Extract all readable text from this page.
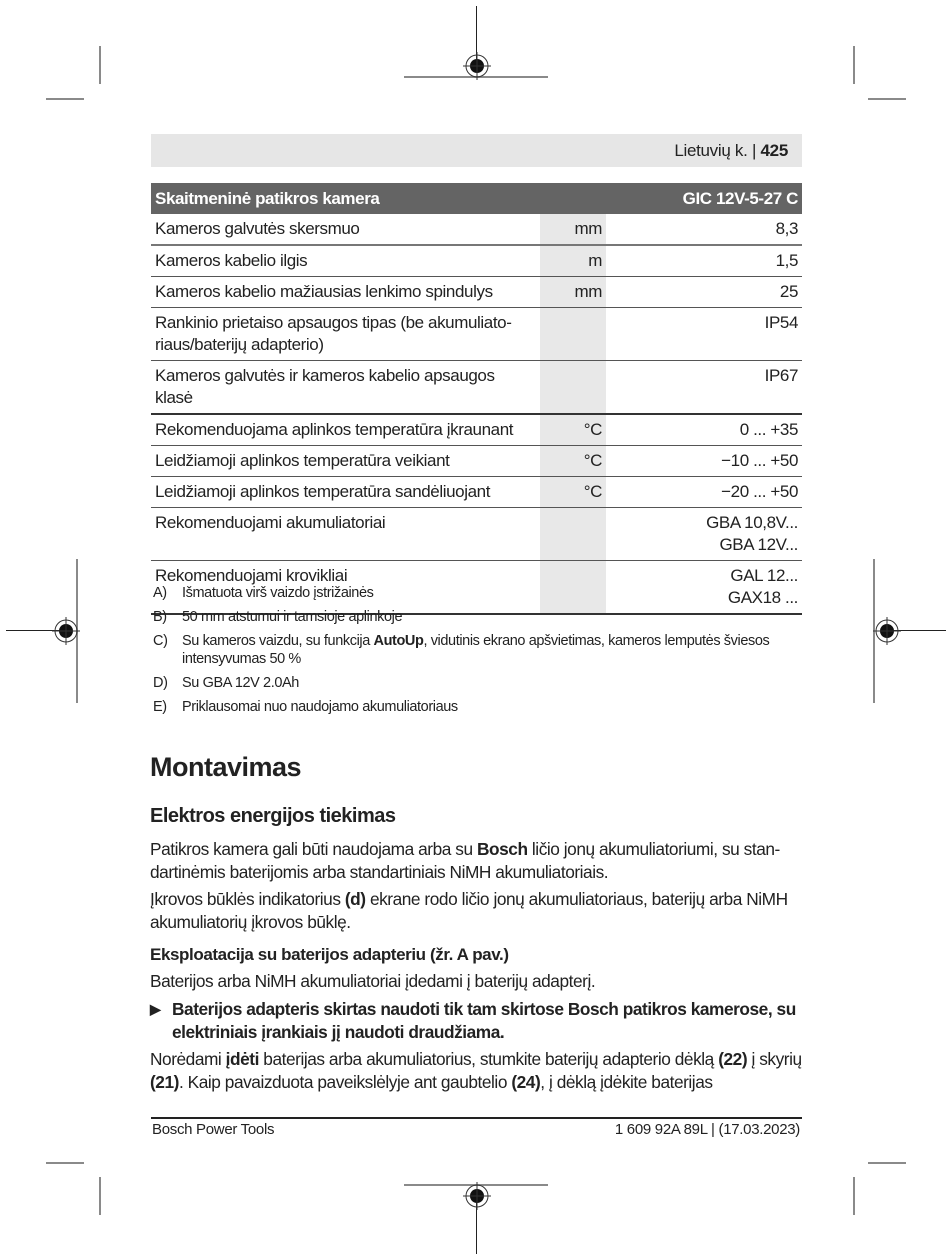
Lietuvių k. | 425
Skaitmeninė patikros kamera		GIC 12V-5-27 C
Kameros galvutės skersmuo	mm	8,3
Kameros kabelio ilgis	m	1,5
Kameros kabelio mažiausias lenkimo spindulys	mm	25
Rankinio prietaiso apsaugos tipas (be akumuliato-
riaus/baterijų adapterio)		IP54
Kameros galvutės ir kameros kabelio apsaugos klasė		IP67
Rekomenduojama aplinkos temperatūra įkraunant	°C	0 ... +35
Leidžiamoji aplinkos temperatūra veikiant	°C	−10 ... +50
Leidžiamoji aplinkos temperatūra sandėliuojant	°C	−20 ... +50
Rekomenduojami akumuliatoriai		GBA 10,8V...
GBA 12V...
Rekomenduojami krovikliai		GAL 12...
GAX18 ...
A)	Išmatuota virš vaizdo įstrižainės
B)	50 mm atstumui ir tamsioje aplinkoje
C) Su kameros vaizdu, su funkcija AutoUp, vidutinis ekrano apšvietimas, kameros lemputės šviesos intensyvumas 50 %
D) Su GBA 12V 2.0Ah
E)	Priklausomai nuo naudojamo akumuliatoriaus
Montavimas
Elektros energijos tiekimas

Patikros kamera gali būti naudojama arba su Bosch ličio jonų akumuliatoriumi, su stan-dartinėmis baterijomis arba standartiniais NiMH akumuliatoriais.

Įkrovos būklės indikatorius (d) ekrane rodo ličio jonų akumuliatoriaus, baterijų arba NiMH akumuliatorių įkrovos būklę.

Eksploatacija su baterijos adapteriu (žr. A pav.)

Baterijos arba NiMH akumuliatoriai įdedami į baterijų adapterį.

▶ Baterijos adapteris skirtas naudoti tik tam skirtose Bosch patikros kamerose, su elektriniais įrankiais jį naudoti draudžiama.

Norėdami įdėti baterijas arba akumuliatorius, stumkite baterijų adapterio dėklą (22) į skyrių (21). Kaip pavaizduota paveikslėlyje ant gaubtelio (24), į dėklą įdėkite baterijas

Bosch Power Tools	1 609 92A 89L | (17.03.2023)
